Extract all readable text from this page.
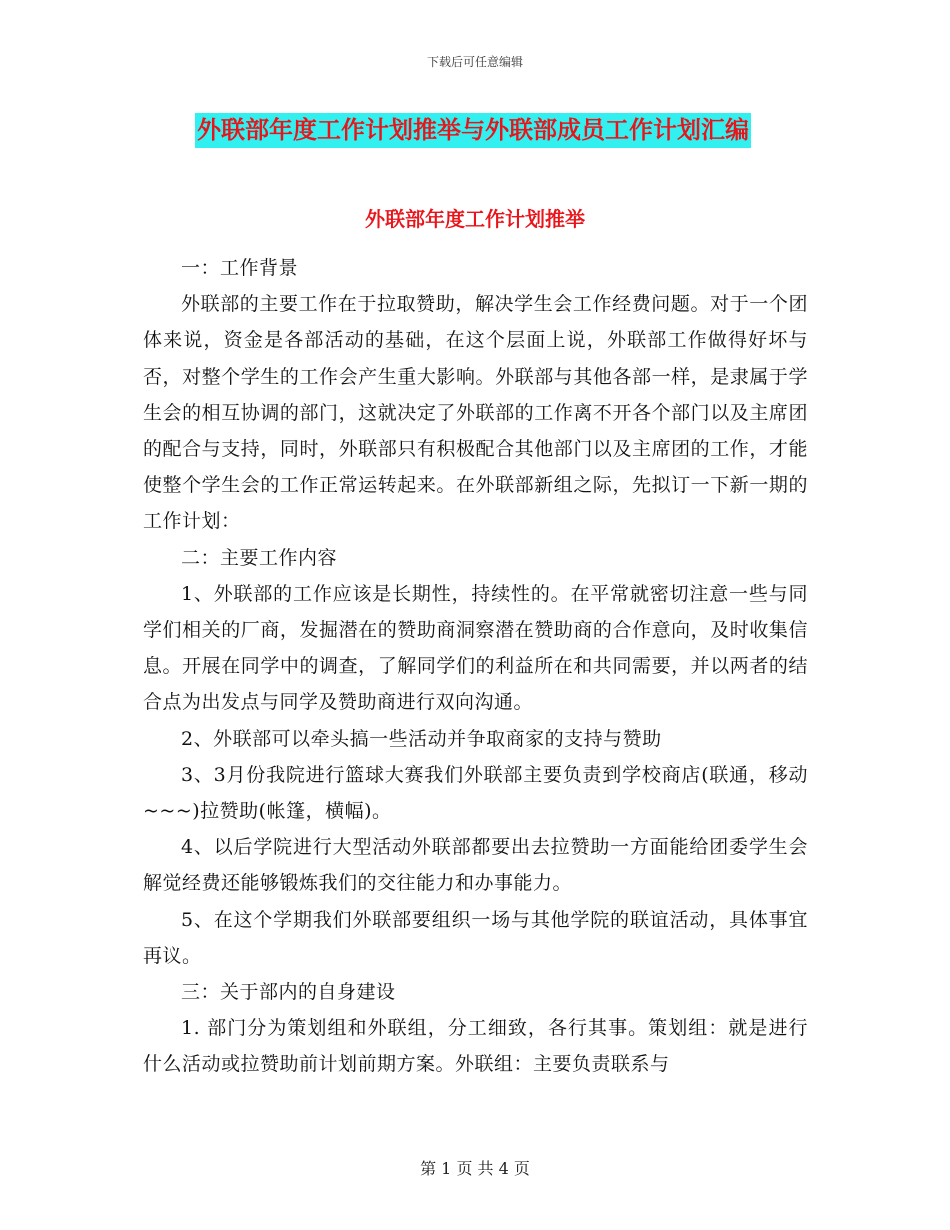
下载后可任意编辑
外联部年度工作计划推举与外联部成员工作计划汇编
外联部年度工作计划推举

一：工作背景

外联部的主要工作在于拉取赞助，解决学生会工作经费问题。对于一个团体来说，资金是各部活动的基础，在这个层面上说，外联部工作做得好坏与否，对整个学生的工作会产生重大影响。外联部与其他各部一样，是隶属于学生会的相互协调的部门，这就决定了外联部的工作离不开各个部门以及主席团的配合与支持，同时，外联部只有积极配合其他部门以及主席团的工作，才能使整个学生会的工作正常运转起来。在外联部新组之际，先拟订一下新一期的工作计划：

二：主要工作内容

1、外联部的工作应该是长期性，持续性的。在平常就密切注意一些与同学们相关的厂商，发掘潜在的赞助商洞察潜在赞助商的合作意向，及时收集信息。开展在同学中的调查，了解同学们的利益所在和共同需要，并以两者的结合点为出发点与同学及赞助商进行双向沟通。

2、外联部可以牵头搞一些活动并争取商家的支持与赞助

3、3月份我院进行篮球大赛我们外联部主要负责到学校商店(联通，移动~~~)拉赞助(帐篷，横幅)。

4、以后学院进行大型活动外联部都要出去拉赞助一方面能给团委学生会解觉经费还能够锻炼我们的交往能力和办事能力。

5、在这个学期我们外联部要组织一场与其他学院的联谊活动，具体事宜再议。

三：关于部内的自身建设

1. 部门分为策划组和外联组，分工细致，各行其事。策划组：就是进行什么活动或拉赞助前计划前期方案。外联组：主要负责联系与

第 1 页 共 4 页
